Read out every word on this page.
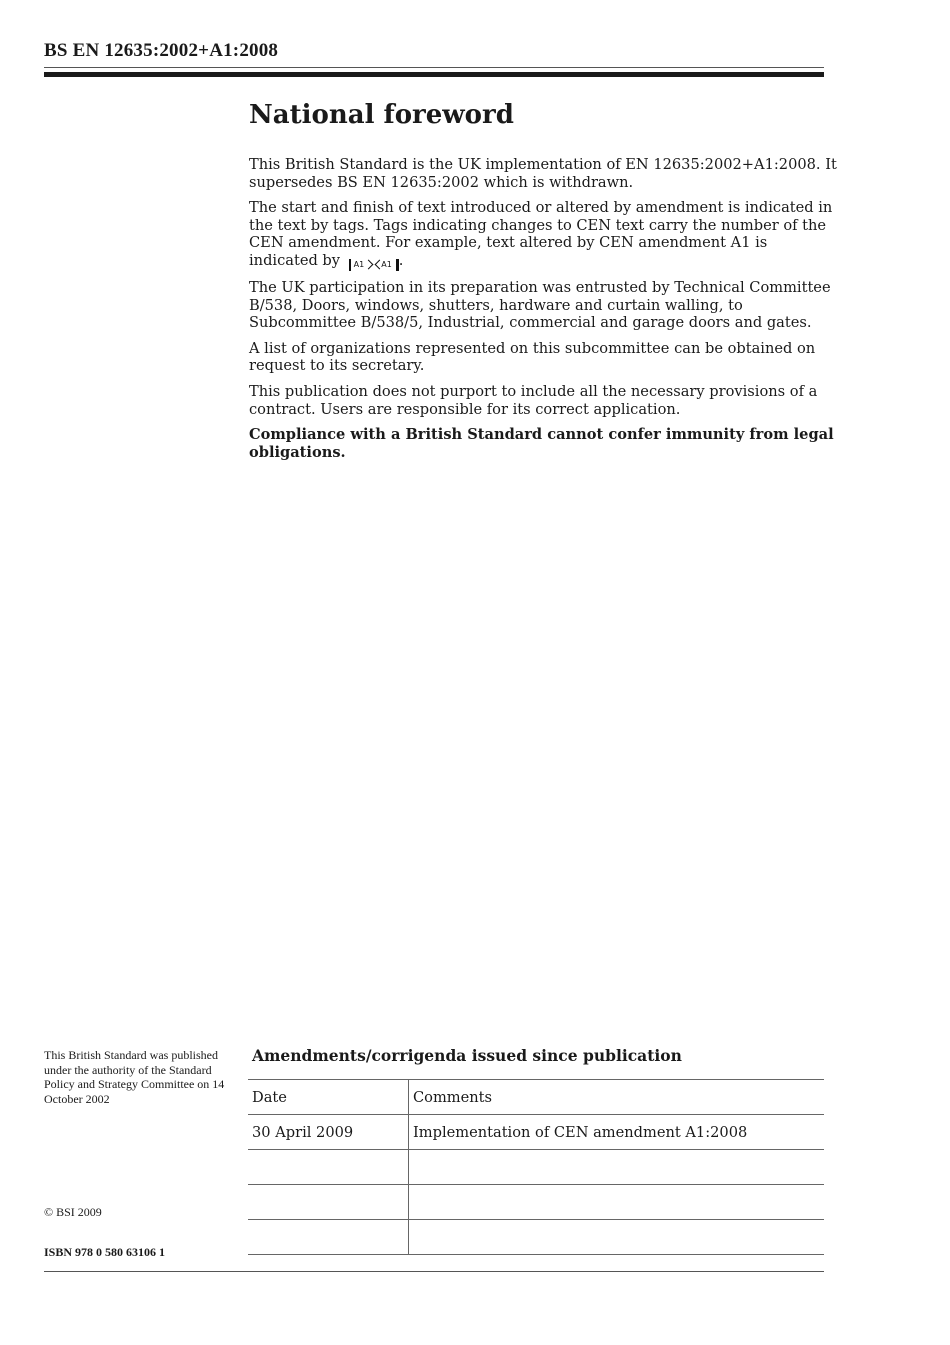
BS EN 12635:2002+A1:2008
National foreword

This British Standard is the UK implementation of EN 12635:2002+A1:2008. It supersedes BS EN 12635:2002 which is withdrawn.

The start and finish of text introduced or altered by amendment is indicated in the text by tags. Tags indicating changes to CEN text carry the number of the CEN amendment. For example, text altered by CEN amendment A1 is indicated by A1 A1 .

The UK participation in its preparation was entrusted by Technical Committee B/538, Doors, windows, shutters, hardware and curtain walling, to Subcommittee B/538/5, Industrial, commercial and garage doors and gates.

A list of organizations represented on this subcommittee can be obtained on request to its secretary.

This publication does not purport to include all the necessary provisions of a contract. Users are responsible for its correct application.

Compliance with a British Standard cannot confer immunity from legal obligations.

This British Standard was published under the authority of the Standard Policy and Strategy Committee on 14 October 2002
© BSI 2009
ISBN 978 0 580 63106 1
Amendments/corrigenda issued since publication
Date	Comments
30 April 2009	Implementation of CEN amendment A1:2008
